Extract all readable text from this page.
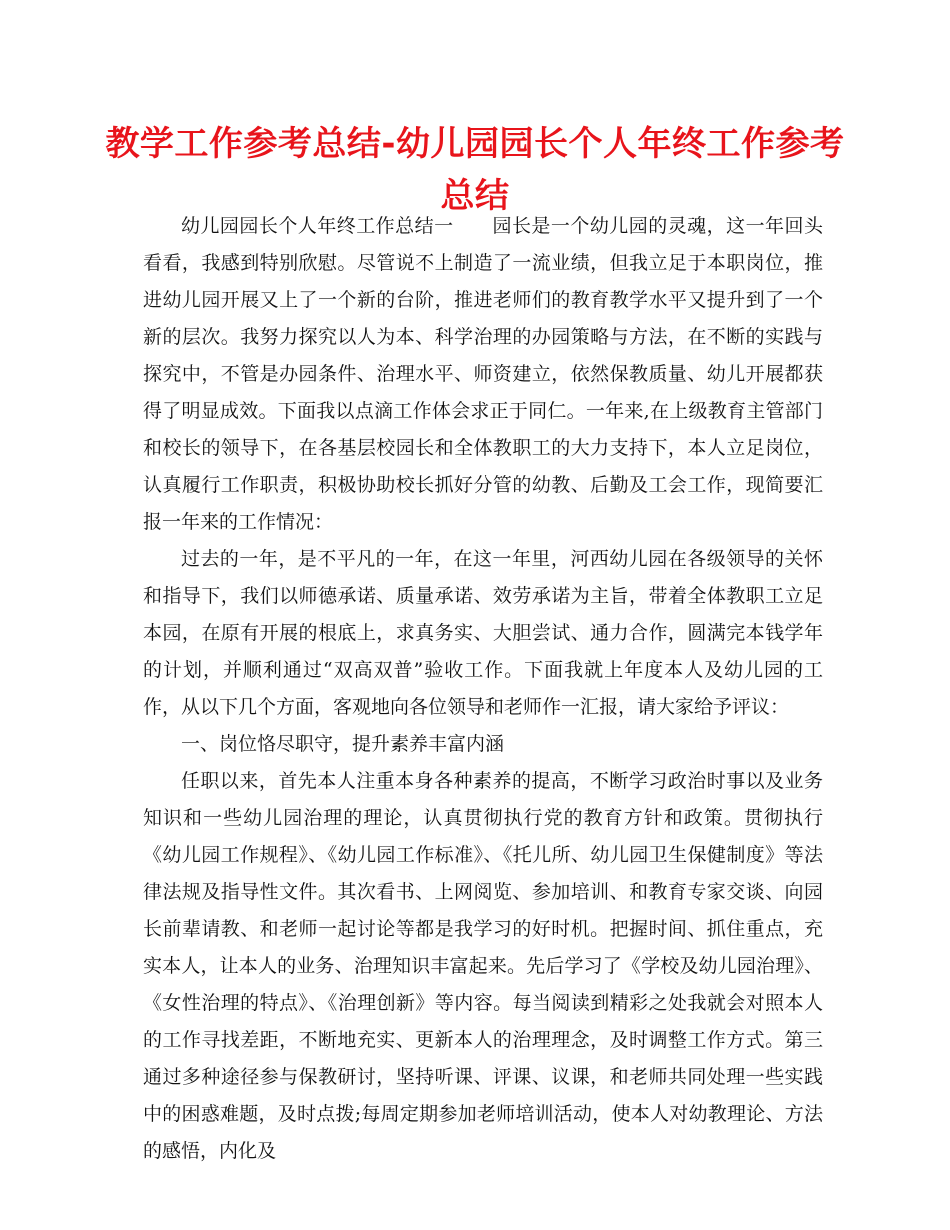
教学工作参考总结-幼儿园园长个人年终工作参考总结

幼儿园园长个人年终工作总结一　　园长是一个幼儿园的灵魂，这一年回头看看，我感到特别欣慰。尽管说不上制造了一流业绩，但我立足于本职岗位，推进幼儿园开展又上了一个新的台阶，推进老师们的教育教学水平又提升到了一个新的层次。我努力探究以人为本、科学治理的办园策略与方法，在不断的实践与探究中，不管是办园条件、治理水平、师资建立，依然保教质量、幼儿开展都获得了明显成效。下面我以点滴工作体会求正于同仁。一年来,在上级教育主管部门和校长的领导下，在各基层校园长和全体教职工的大力支持下，本人立足岗位，认真履行工作职责，积极协助校长抓好分管的幼教、后勤及工会工作，现简要汇报一年来的工作情况：

过去的一年，是不平凡的一年，在这一年里，河西幼儿园在各级领导的关怀和指导下，我们以师德承诺、质量承诺、效劳承诺为主旨，带着全体教职工立足本园，在原有开展的根底上，求真务实、大胆尝试、通力合作，圆满完本钱学年的计划，并顺利通过“双高双普”验收工作。下面我就上年度本人及幼儿园的工作，从以下几个方面，客观地向各位领导和老师作一汇报，请大家给予评议：

一、岗位恪尽职守，提升素养丰富内涵

任职以来，首先本人注重本身各种素养的提高，不断学习政治时事以及业务知识和一些幼儿园治理的理论，认真贯彻执行党的教育方针和政策。贯彻执行《幼儿园工作规程》、《幼儿园工作标准》、《托儿所、幼儿园卫生保健制度》等法律法规及指导性文件。其次看书、上网阅览、参加培训、和教育专家交谈、向园长前辈请教、和老师一起讨论等都是我学习的好时机。把握时间、抓住重点，充实本人，让本人的业务、治理知识丰富起来。先后学习了《学校及幼儿园治理》、《女性治理的特点》、《治理创新》等内容。每当阅读到精彩之处我就会对照本人的工作寻找差距，不断地充实、更新本人的治理理念，及时调整工作方式。第三通过多种途径参与保教研讨，坚持听课、评课、议课，和老师共同处理一些实践中的困惑难题，及时点拨;每周定期参加老师培训活动，使本人对幼教理论、方法的感悟，内化及
